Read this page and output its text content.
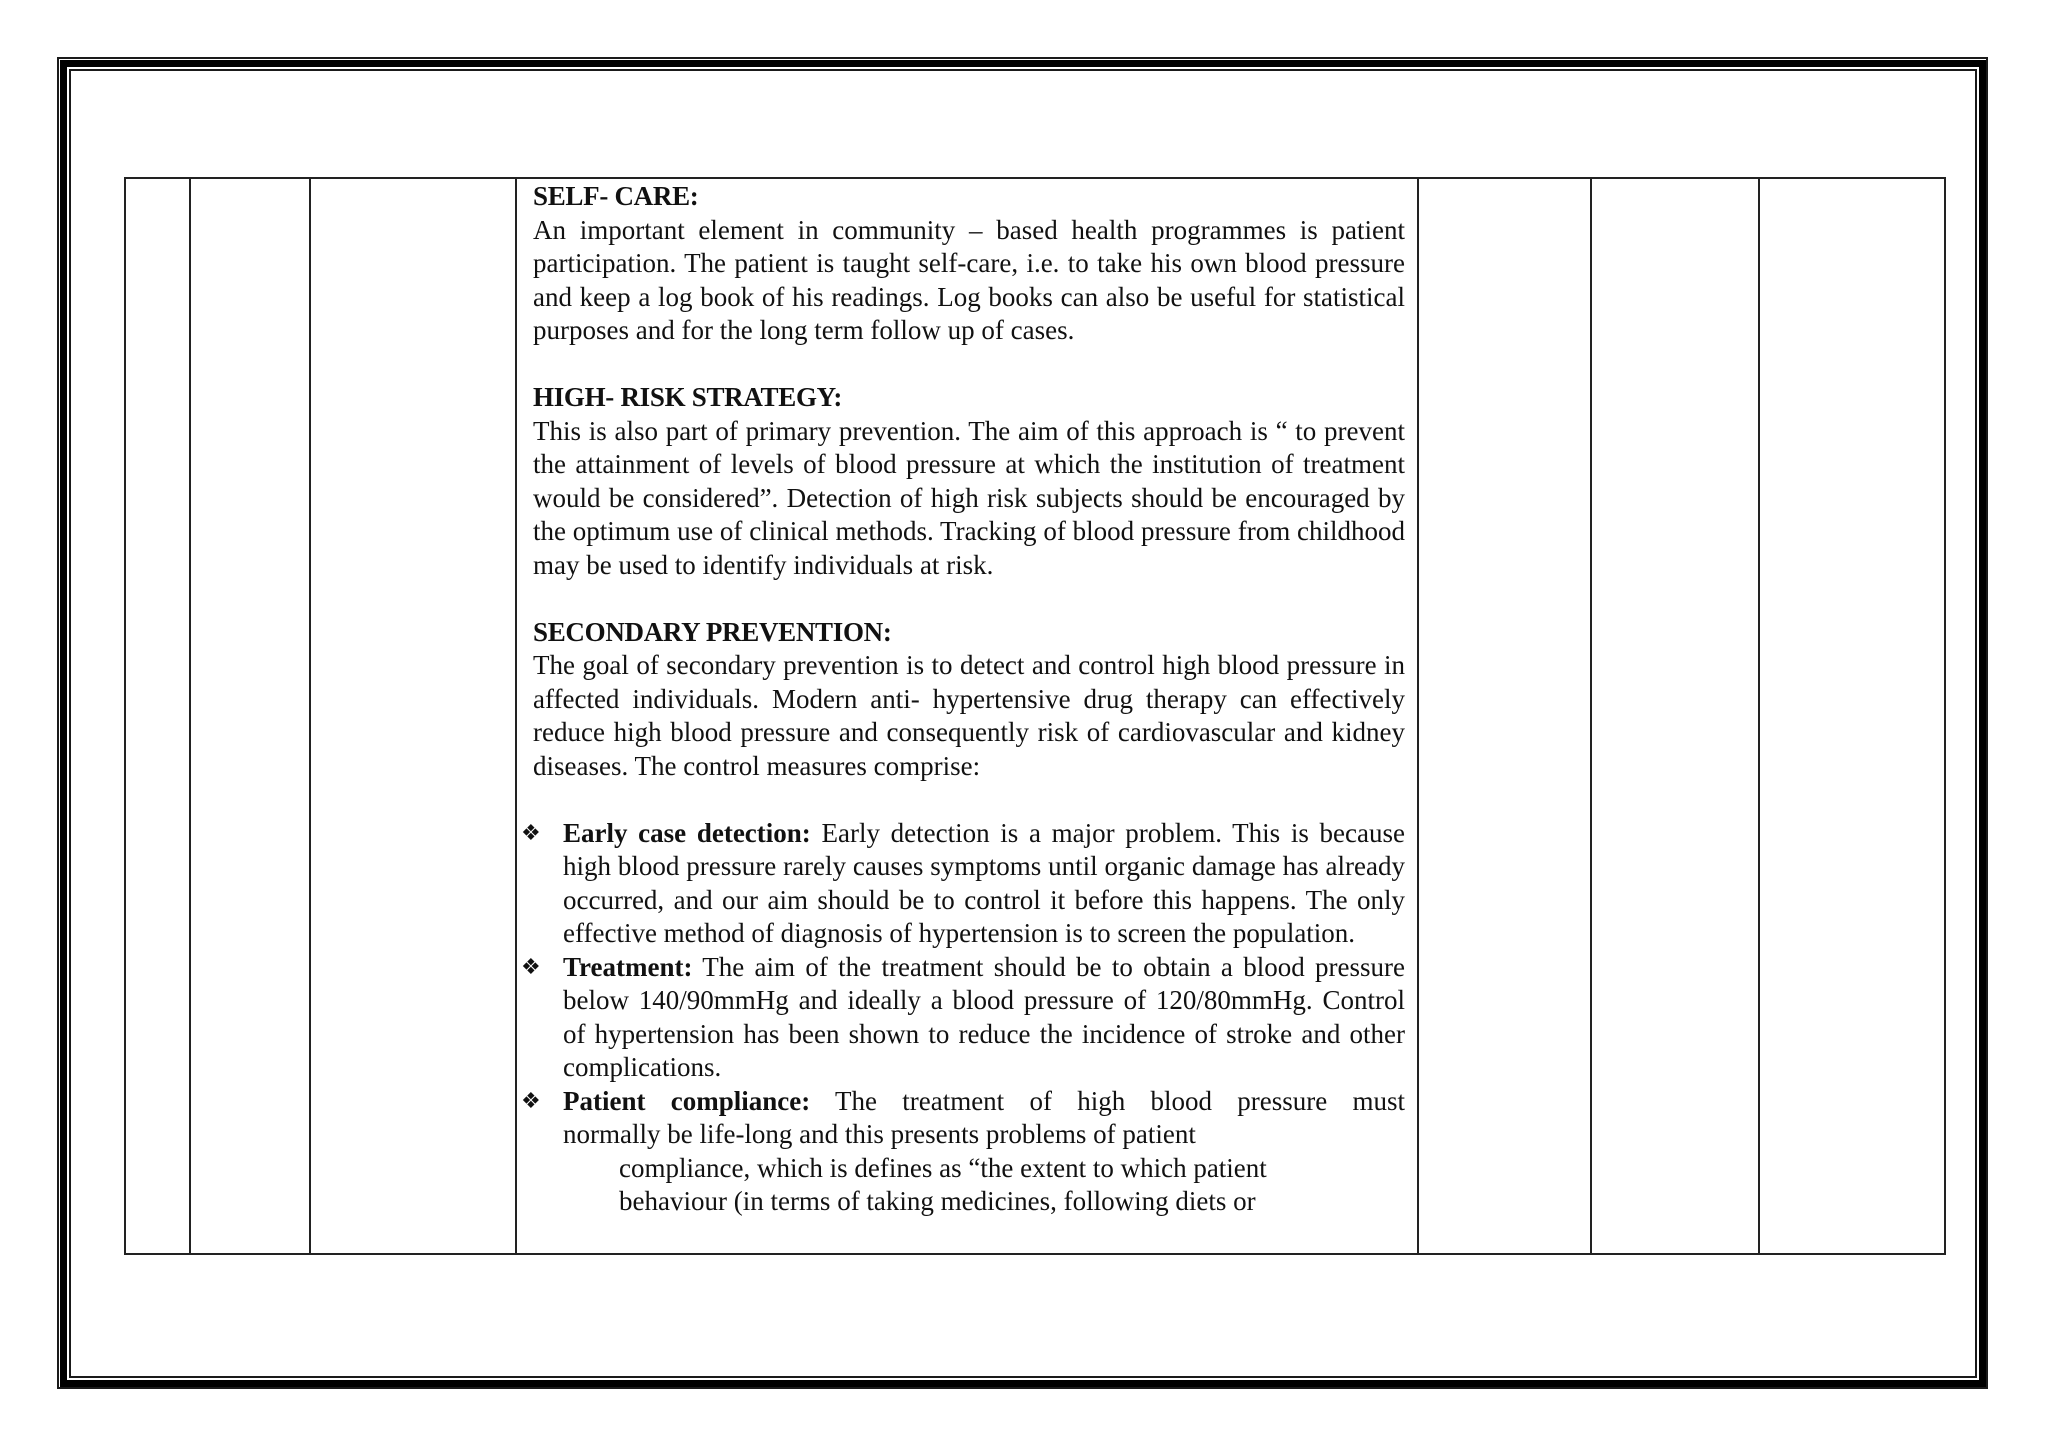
SELF- CARE:

An important element in community – based health programmes is patient participation. The patient is taught self-care, i.e. to take his own blood pressure and keep a log book of his readings. Log books can also be useful for statistical purposes and for the long term follow up of cases.

HIGH- RISK STRATEGY:

This is also part of primary prevention. The aim of this approach is “ to prevent the attainment of levels of blood pressure at which the institution of treatment would be considered”. Detection of high risk subjects should be encouraged by the optimum use of clinical methods. Tracking of blood pressure from childhood may be used to identify individuals at risk.

SECONDARY PREVENTION:

The goal of secondary prevention is to detect and control high blood pressure in affected individuals. Modern anti- hypertensive drug therapy can effectively reduce high blood pressure and consequently risk of cardiovascular and kidney diseases. The control measures comprise:

❖ Early case detection: Early detection is a major problem. This is because high blood pressure rarely causes symptoms until organic damage has already occurred, and our aim should be to control it before this happens. The only effective method of diagnosis of hypertension is to screen the population.

❖ Treatment: The aim of the treatment should be to obtain a blood pressure below 140/90mmHg and ideally a blood pressure of 120/80mmHg. Control of hypertension has been shown to reduce the incidence of stroke and other complications.

❖ Patient compliance: The treatment of high blood pressure must

normally be life-long and this presents problems of patient

compliance, which is defines as “the extent to which patient

behaviour (in terms of taking medicines, following diets or
